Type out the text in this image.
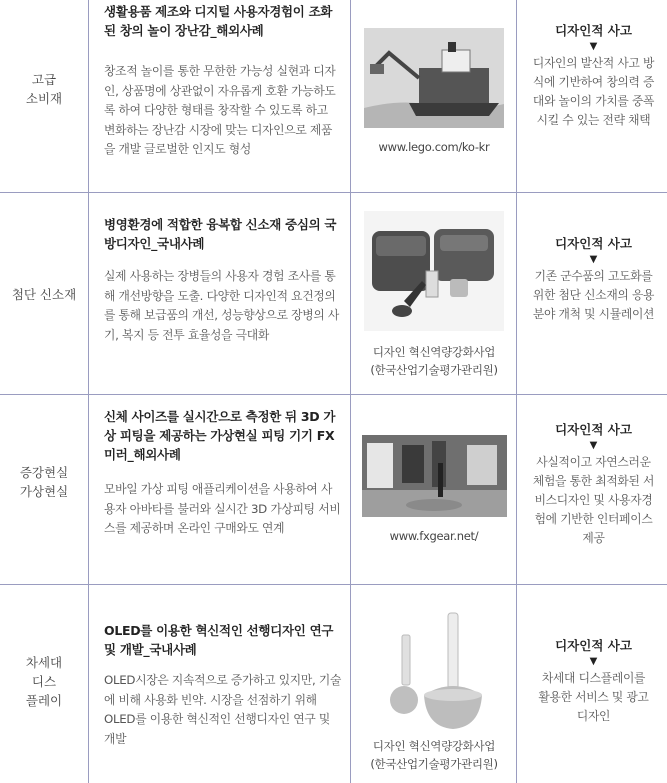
고급
소비재
생활용품 제조와 디지털 사용자경험이 조화된 창의 놀이 장난감_해외사례
창조적 놀이를 통한 무한한 가능성 실현과 디자인, 상품명에 상관없이 자유롭게 호환 가능하도록 하여 다양한 형태를 창작할 수 있도록 하고 변화하는 장난감 시장에 맞는 디자인으로 제품을 개발 글로벌한 인지도 형성	www.lego.com/ko-kr
디자인적 사고
▼
디자인의 발산적 사고 방식에 기반하여 창의력 증대와 놀이의 가치를 중폭 시킬 수 있는 전략 채택
첨단 신소재
병영환경에 적합한 융복합 신소재 중심의 국방디자인_국내사례
실제 사용하는 장병들의 사용자 경험 조사를 통해 개선방향을 도출. 다양한 디자인적 요건정의를 통해 보급품의 개선, 성능향상으로 장병의 사기, 복지 등 전투 효율성을 극대화
디자인 혁신역량강화사업
(한국산업기술평가관리원)
디자인적 사고
▼
기존 군수품의 고도화를 위한 첨단 신소재의 응용 분야 개척 및 시뮬레이션
증강현실
가상현실
신체 사이즈를 실시간으로 측정한 뒤 3D 가상 피팅을 제공하는 가상현실 피팅 기기 FX미러_해외사례
모바일 가상 피팅 애플리케이션을 사용하여 사용자 아바타를 불러와 실시간 3D 가상피팅 서비스를 제공하며 온라인 구매와도 연계
www.fxgear.net/
디자인적 사고
▼
사실적이고 자연스러운 체험을 통한 최적화된 서비스디자인 및 사용자경험에 기반한 인터페이스 제공
차세대
디스
플레이
OLED를 이용한 혁신적인 선행디자인 연구 및 개발_국내사례
OLED시장은 지속적으로 증가하고 있지만, 기술에 비해 사용화 빈약. 시장을 선점하기 위해 OLED를 이용한 혁신적인 선행디자인 연구 및 개발
디자인 혁신역량강화사업
(한국산업기술평가관리원)
디자인적 사고
▼
차세대 디스플레이를 활용한 서비스 및 광고디자인
